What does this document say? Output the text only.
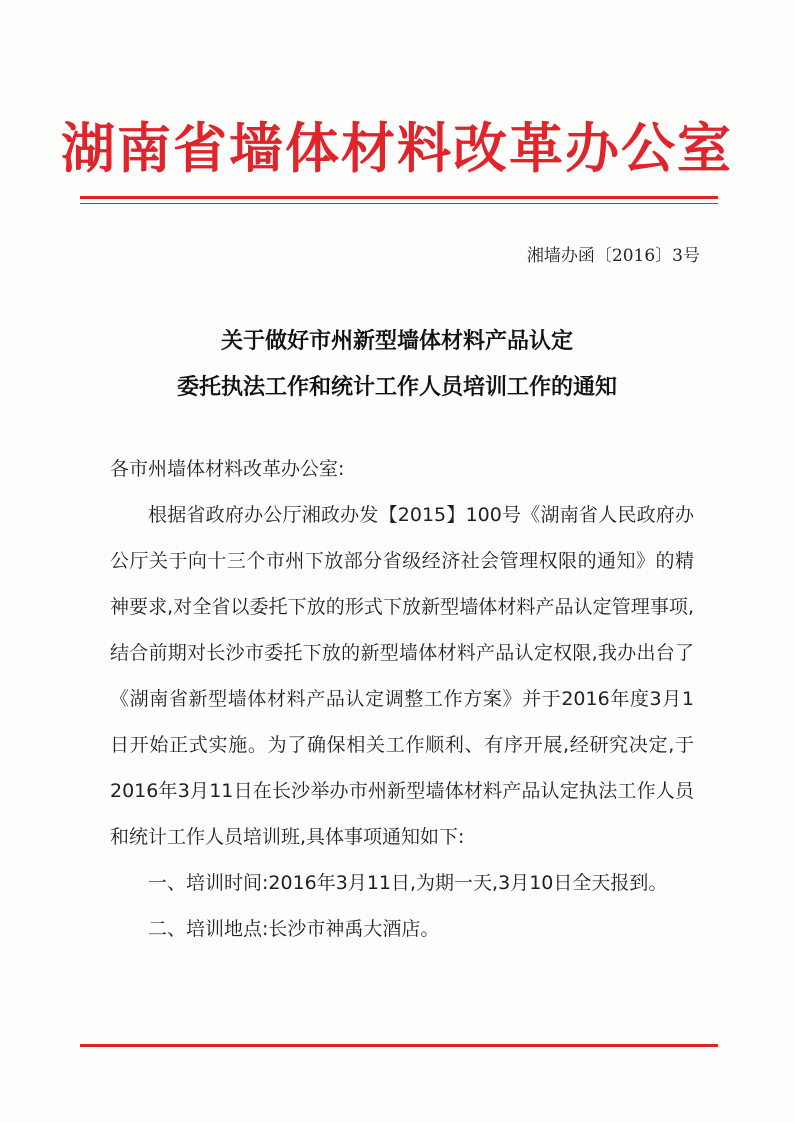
湖南省墙体材料改革办公室
湘墙办函〔2016〕3号
关于做好市州新型墙体材料产品认定
委托执法工作和统计工作人员培训工作的通知
各市州墙体材料改革办公室:
根据省政府办公厅湘政办发【2015】100号《湖南省人民政府办公厅关于向十三个市州下放部分省级经济社会管理权限的通知》的精神要求,对全省以委托下放的形式下放新型墙体材料产品认定管理事项,结合前期对长沙市委托下放的新型墙体材料产品认定权限,我办出台了《湖南省新型墙体材料产品认定调整工作方案》并于2016年度3月1日开始正式实施。为了确保相关工作顺利、有序开展,经研究决定,于2016年3月11日在长沙举办市州新型墙体材料产品认定执法工作人员和统计工作人员培训班,具体事项通知如下:
一、培训时间:2016年3月11日,为期一天,3月10日全天报到。
二、培训地点:长沙市神禹大酒店。
